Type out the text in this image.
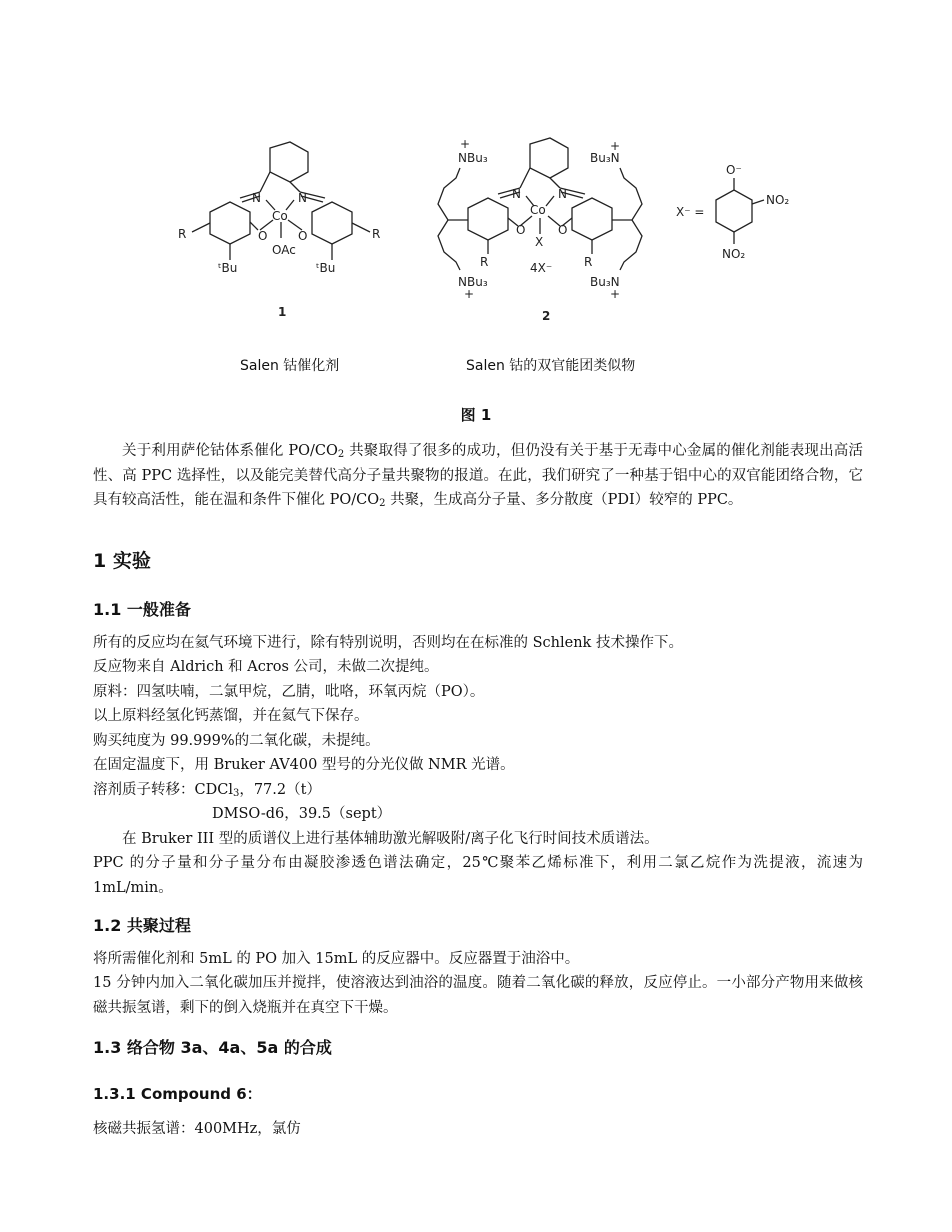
N	N
Co
O	O
OAc
R	R
ᵗBu	ᵗBu
1
NBu₃
NBu₃
Bu₃N
Bu₃N
+	+
+	+
N	N
Co
O	O
X
R	R
4X⁻
2
X⁻ =
O⁻
NO₂
NO₂
Salen 钴催化剂	Salen 钴的双官能团类似物
图 1
关于利用萨伦钴体系催化 $PO/CO_2$ 共聚取得了很多的成功，但仍没有关于基于无毒中心金属的催化剂能表现出高活性、高 PPC 选择性，以及能完美替代高分子量共聚物的报道。在此，我们研究了一种基于铝中心的双官能团络合物，它具有较高活性，能在温和条件下催化 $PO/CO_2$ 共聚，生成高分子量、多分散度（PDI）较窄的 PPC。
1 实验
1.1 一般准备
所有的反应均在氦气环境下进行，除有特别说明，否则均在在标准的 Schlenk 技术操作下。
反应物来自 Aldrich 和 Acros 公司，未做二次提纯。
原料：四氢呋喃，二氯甲烷，乙腈，吡咯，环氧丙烷（PO）。
以上原料经氢化钙蒸馏，并在氦气下保存。
购买纯度为 99.999%的二氧化碳，未提纯。
在固定温度下，用 Bruker AV400 型号的分光仪做 NMR 光谱。
溶剂质子转移：CDCl$_3$，77.2（t）
DMSO-d6，39.5（sept）
在 Bruker III 型的质谱仪上进行基体辅助激光解吸附/离子化飞行时间技术质谱法。
PPC 的分子量和分子量分布由凝胶渗透色谱法确定，25℃聚苯乙烯标准下，利用二氯乙烷作为洗提液，流速为 1mL/min。
1.2 共聚过程
将所需催化剂和 5mL 的 PO 加入 15mL 的反应器中。反应器置于油浴中。
15 分钟内加入二氧化碳加压并搅拌，使溶液达到油浴的温度。随着二氧化碳的释放，反应停止。一小部分产物用来做核磁共振氢谱，剩下的倒入烧瓶并在真空下干燥。
1.3 络合物 3a、4a、5a 的合成
1.3.1 Compound 6：
核磁共振氢谱：400MHz，氯仿
